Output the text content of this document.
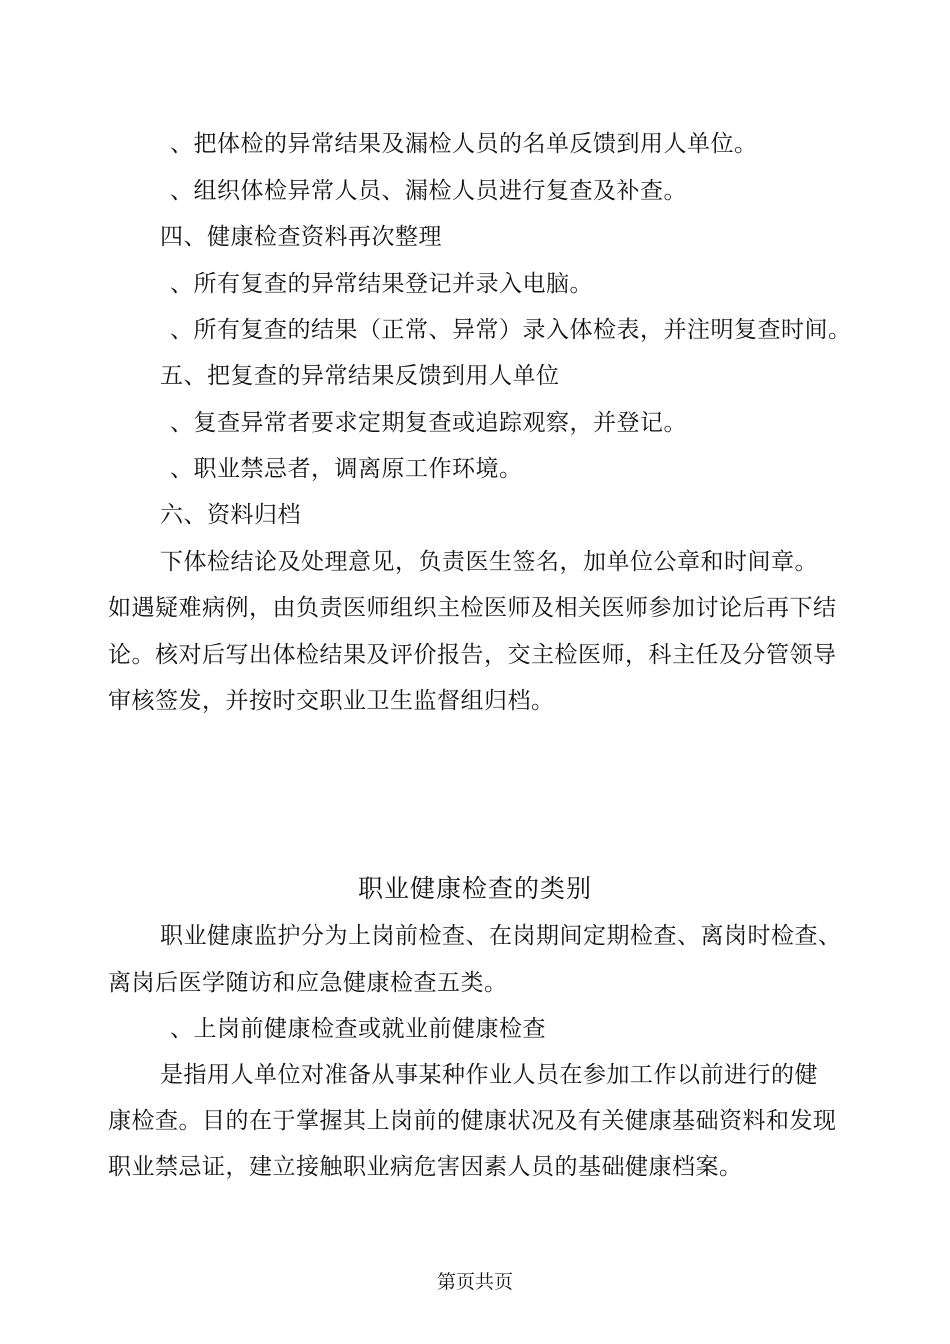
、把体检的异常结果及漏检人员的名单反馈到用人单位。
、组织体检异常人员、漏检人员进行复查及补查。
四、健康检查资料再次整理
、所有复查的异常结果登记并录入电脑。
、所有复查的结果（正常、异常）录入体检表，并注明复查时间。
五、把复查的异常结果反馈到用人单位
、复查异常者要求定期复查或追踪观察，并登记。
、职业禁忌者，调离原工作环境。
六、资料归档
下体检结论及处理意见，负责医生签名，加单位公章和时间章。
如遇疑难病例，由负责医师组织主检医师及相关医师参加讨论后再下结
论。核对后写出体检结果及评价报告，交主检医师，科主任及分管领导
审核签发，并按时交职业卫生监督组归档。
职业健康检查的类别
职业健康监护分为上岗前检查、在岗期间定期检查、离岗时检查、
离岗后医学随访和应急健康检查五类。
、上岗前健康检查或就业前健康检查
是指用人单位对准备从事某种作业人员在参加工作以前进行的健
康检查。目的在于掌握其上岗前的健康状况及有关健康基础资料和发现
职业禁忌证，建立接触职业病危害因素人员的基础健康档案。
第页共页
